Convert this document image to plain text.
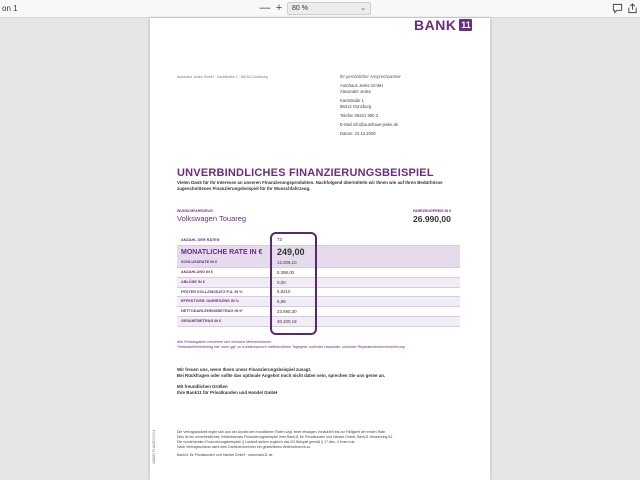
on 1	— +	80 %	⌄
BANK 11
Autohaus Jeske GmbH · Kantstraße 1 · 86153 Günzburg	Ihr persönlicher Ansprechpartner
Autohaus Jeske GmbH
Alexander Jeske
Kantstraße 1
86312 Günzburg
Telefon 08221 950 3
E-Mail info@autohaus-jeske.de
Datum: 22.12.2020
UNVERBINDLICHES FINANZIERUNGSBEISPIEL
Vielen Dank für Ihr Interesse an unseren Finanzierungsprodukten. Nachfolgend übermitteln wir Ihnen wie auf Ihren Bedürfnisse zugeschnittenes Finanzierungsbeispiel für Ihr Wunschfahrzeug.
WUNSCHFAHRZEUG
Volkswagen Touareg
FAHRZEUGPREIS IN €
26.990,00
ANZAHL DER RATEN	73
MONATLICHE RATE IN € 249,00
SCHLUSSRATE IN €	12.209,10
ANZAHLUNG IN €	5.398,00
ABLÖSE IN €	0,00
FESTER SOLLZINSSATZ P.A. IN %	5,8210
EFFEKTIVER JAHRESZINS IN %	5,99
NETTODARLEHENSBETRAG IN €*	23.690,30
GESAMTBETRAG IN €	30.100,18
Alle Preisangaben verstehen sich inklusive Mehrwertsteuer.
*Nettodarlehensbetrag inkl. einer ggf. zu Kundenwunsch mitfinanzierten Tagegeld- und/oder Haushalts- und/oder Reparaturkostenversicherung
Wir freuen uns, wenn Ihnen unser Finanzierungsbeispiel zusagt.
Bei Rückfragen oder sollte das optimale Angebot noch nicht dabei sein, sprechen Sie uns gerne an.
Mit freundlichen Grüßen
Ihre Bank11 für Privatkunden und Handel GmbH
44828073 ACB000004	Die Vertragslaufzeit ergibt sich aus der Anzahl der monatlichen Raten zzgl. einer etwaigen Vorlaufzeit bis zur Fälligkeit der ersten Rate.
Dies ist ein unverbindliches, freibleibendes Finanzierungsbeispiel Ihrer Bank11 für Privatkunden und Handel GmbH, Bank11 Hessenring 61.
Die vorstehenden Finanzierungsbeispiele § Laufzeit stehen zugleich das 2/3 Beispiel gemäß § 17 Abs. 4 Ihnen hat.
Nach Vertragsschluss steht dem Darlehensnehmer ein gesetzliches Widerrufsrecht zu.
Bank11 für Privatkunden und Handel GmbH · www.bank11.de
